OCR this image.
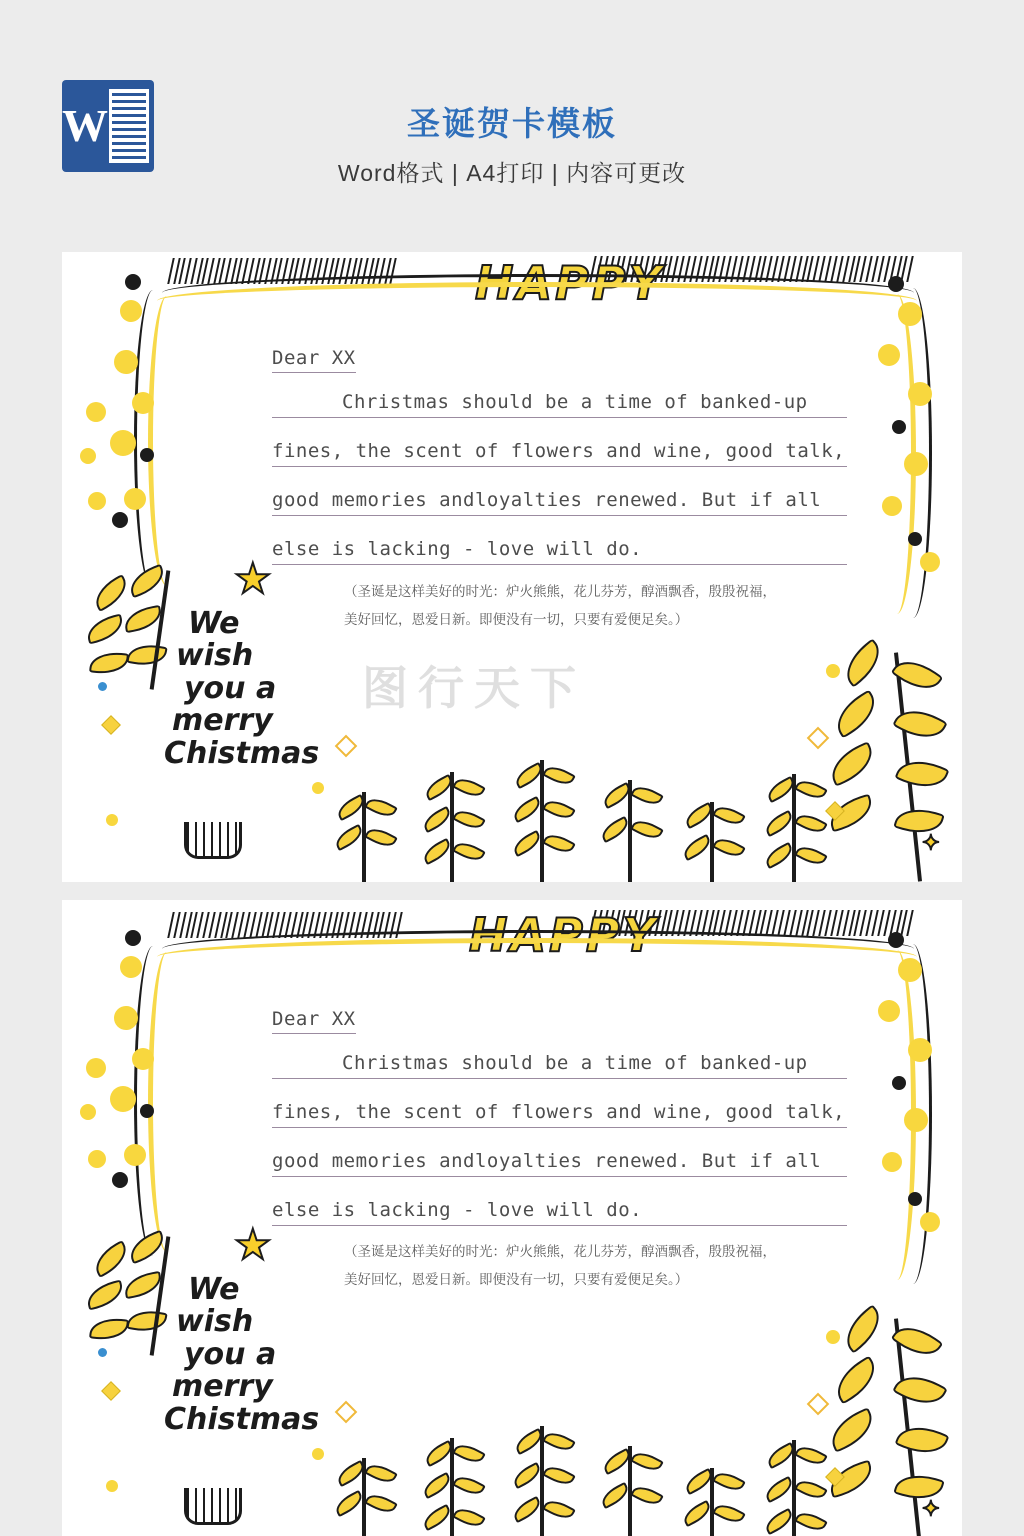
W	圣诞贺卡模板
Word格式 | A4打印 | 内容可更改
HAPPY
★
We
wish
you a
merry
Chistmas
✦
Dear XX
Christmas should be a time of banked-up
fines, the scent of flowers and wine, good talk,
good memories andloyalties renewed. But if all
else is lacking - love will do.
（圣诞是这样美好的时光：炉火熊熊，花儿芬芳，醇酒飘香，殷殷祝福，
美好回忆，恩爱日新。即便没有一切，只要有爱便足矣。）
图行天下
HAPPY
★
We
wish
you a
merry
Chistmas
✦
Dear XX
Christmas should be a time of banked-up
fines, the scent of flowers and wine, good talk,
good memories andloyalties renewed. But if all
else is lacking - love will do.
（圣诞是这样美好的时光：炉火熊熊，花儿芬芳，醇酒飘香，殷殷祝福，
美好回忆，恩爱日新。即便没有一切，只要有爱便足矣。）
